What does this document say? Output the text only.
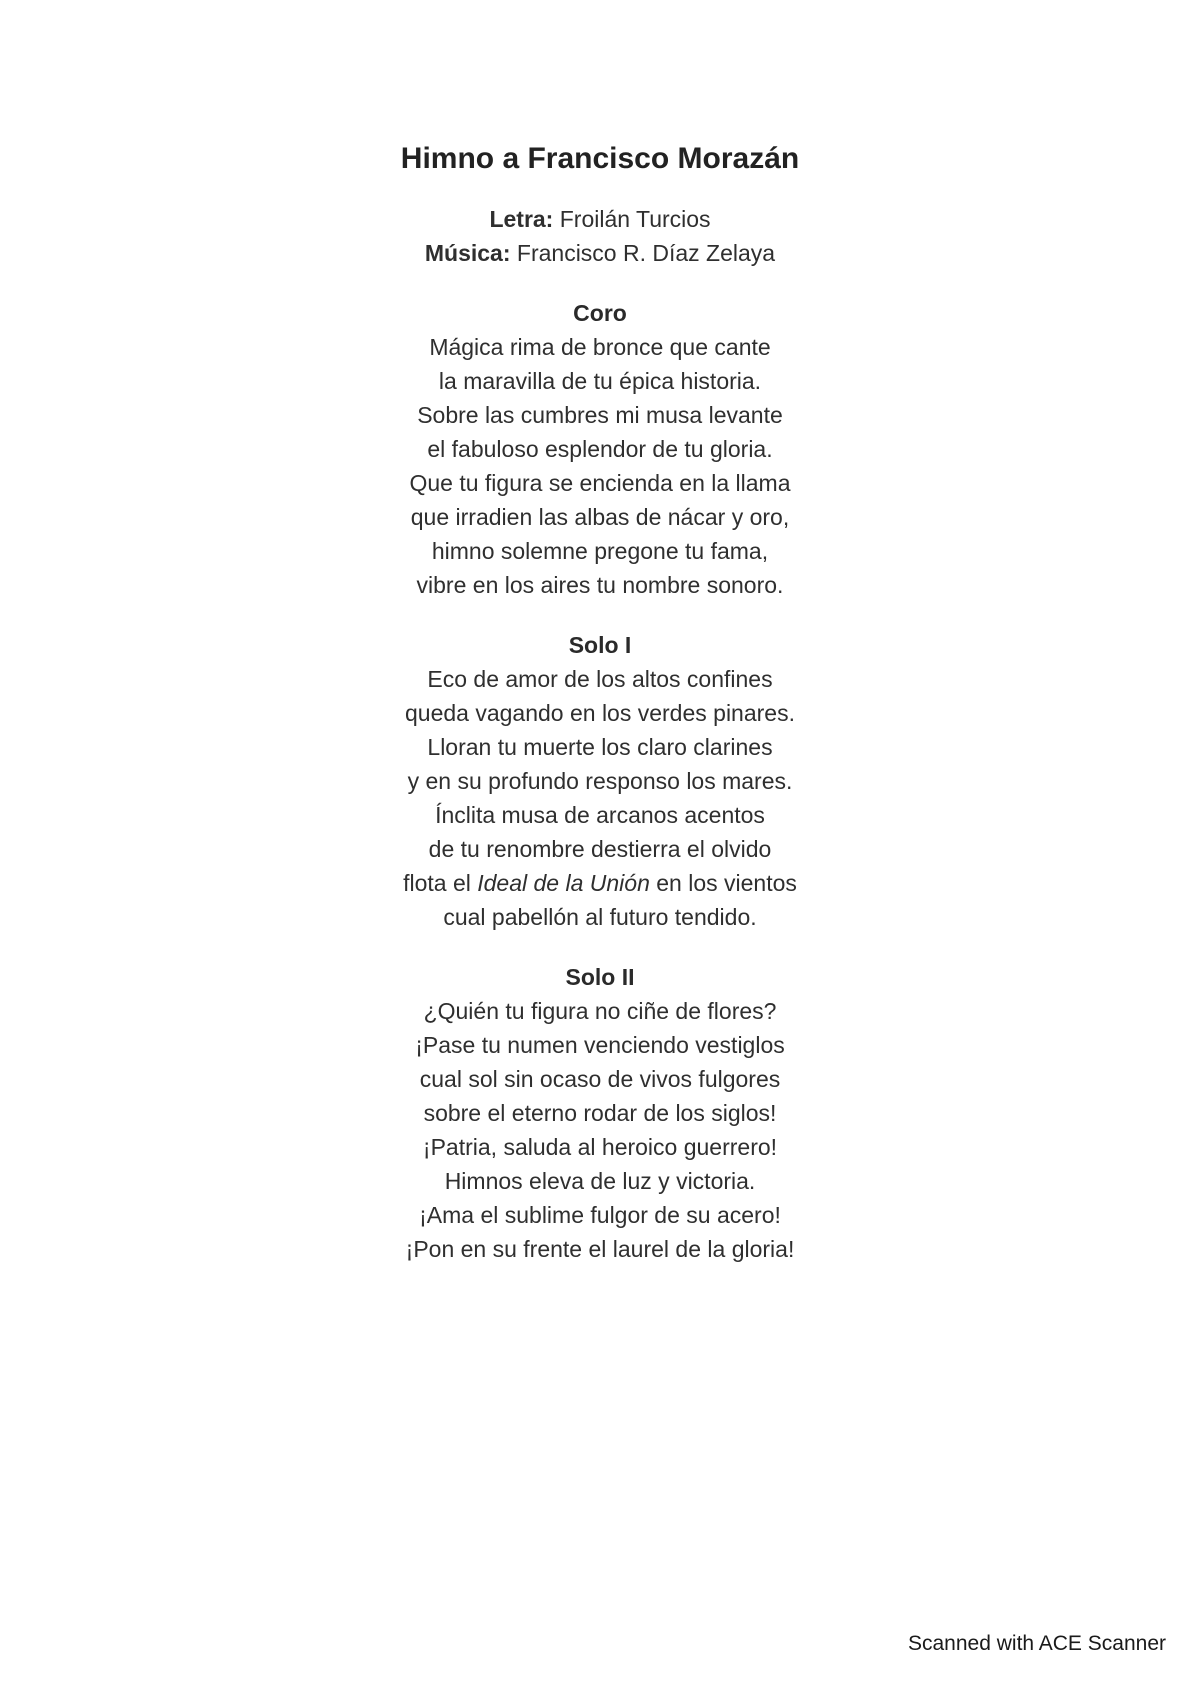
Himno a Francisco Morazán
Letra: Froilán Turcios
Música: Francisco R. Díaz Zelaya
Coro
Mágica rima de bronce que cante
la maravilla de tu épica historia.
Sobre las cumbres mi musa levante
el fabuloso esplendor de tu gloria.
Que tu figura se encienda en la llama
que irradien las albas de nácar y oro,
himno solemne pregone tu fama,
vibre en los aires tu nombre sonoro.
Solo I
Eco de amor de los altos confines
queda vagando en los verdes pinares.
Lloran tu muerte los claro clarines
y en su profundo responso los mares.
Ínclita musa de arcanos acentos
de tu renombre destierra el olvido
flota el Ideal de la Unión en los vientos
cual pabellón al futuro tendido.
Solo II
¿Quién tu figura no ciñe de flores?
¡Pase tu numen venciendo vestiglos
cual sol sin ocaso de vivos fulgores
sobre el eterno rodar de los siglos!
¡Patria, saluda al heroico guerrero!
Himnos eleva de luz y victoria.
¡Ama el sublime fulgor de su acero!
¡Pon en su frente el laurel de la gloria!
Scanned with ACE Scanner
